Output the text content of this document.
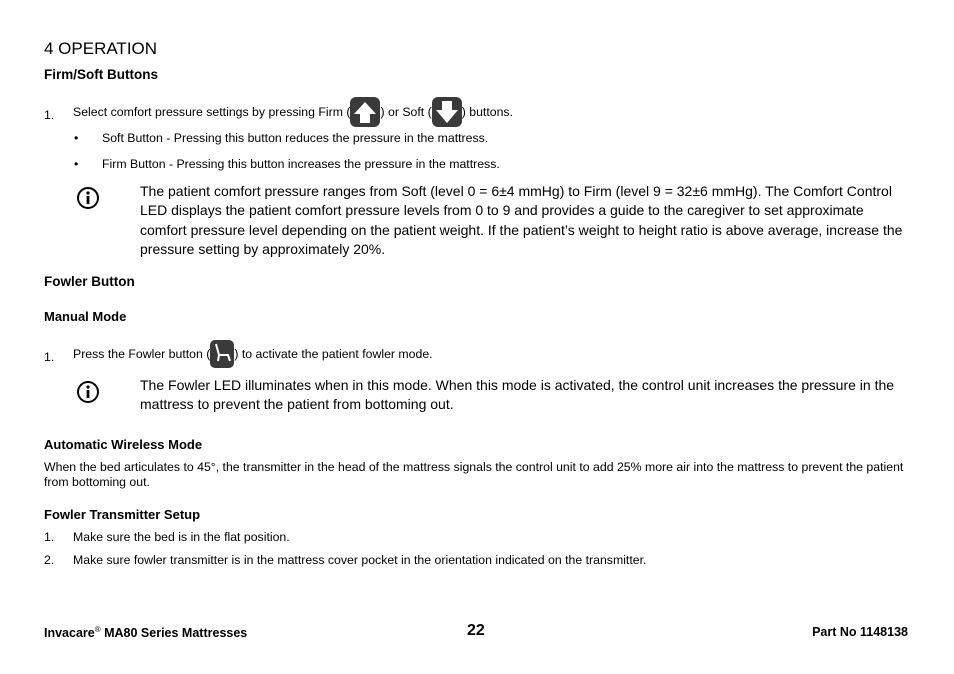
4 OPERATION
Firm/Soft Buttons
1. Select comfort pressure settings by pressing Firm ( ) or Soft ( ) buttons.
• Soft Button - Pressing this button reduces the pressure in the mattress.
• Firm Button - Pressing this button increases the pressure in the mattress.
The patient comfort pressure ranges from Soft (level 0 = 6±4 mmHg) to Firm (level 9 = 32±6 mmHg). The Comfort Control LED displays the patient comfort pressure levels from 0 to 9 and provides a guide to the caregiver to set approximate comfort pressure level depending on the patient weight. If the patient’s weight to height ratio is above average, increase the pressure setting by approximately 20%.
Fowler Button
Manual Mode
1. Press the Fowler button ( ) to activate the patient fowler mode.
The Fowler LED illuminates when in this mode. When this mode is activated, the control unit increases the pressure in the mattress to prevent the patient from bottoming out.
Automatic Wireless Mode
When the bed articulates to 45°, the transmitter in the head of the mattress signals the control unit to add 25% more air into the mattress to prevent the patient from bottoming out.
Fowler Transmitter Setup
1. Make sure the bed is in the flat position.
2. Make sure fowler transmitter is in the mattress cover pocket in the orientation indicated on the transmitter.
Invacare® MA80 Series Mattresses	22	Part No 1148138
